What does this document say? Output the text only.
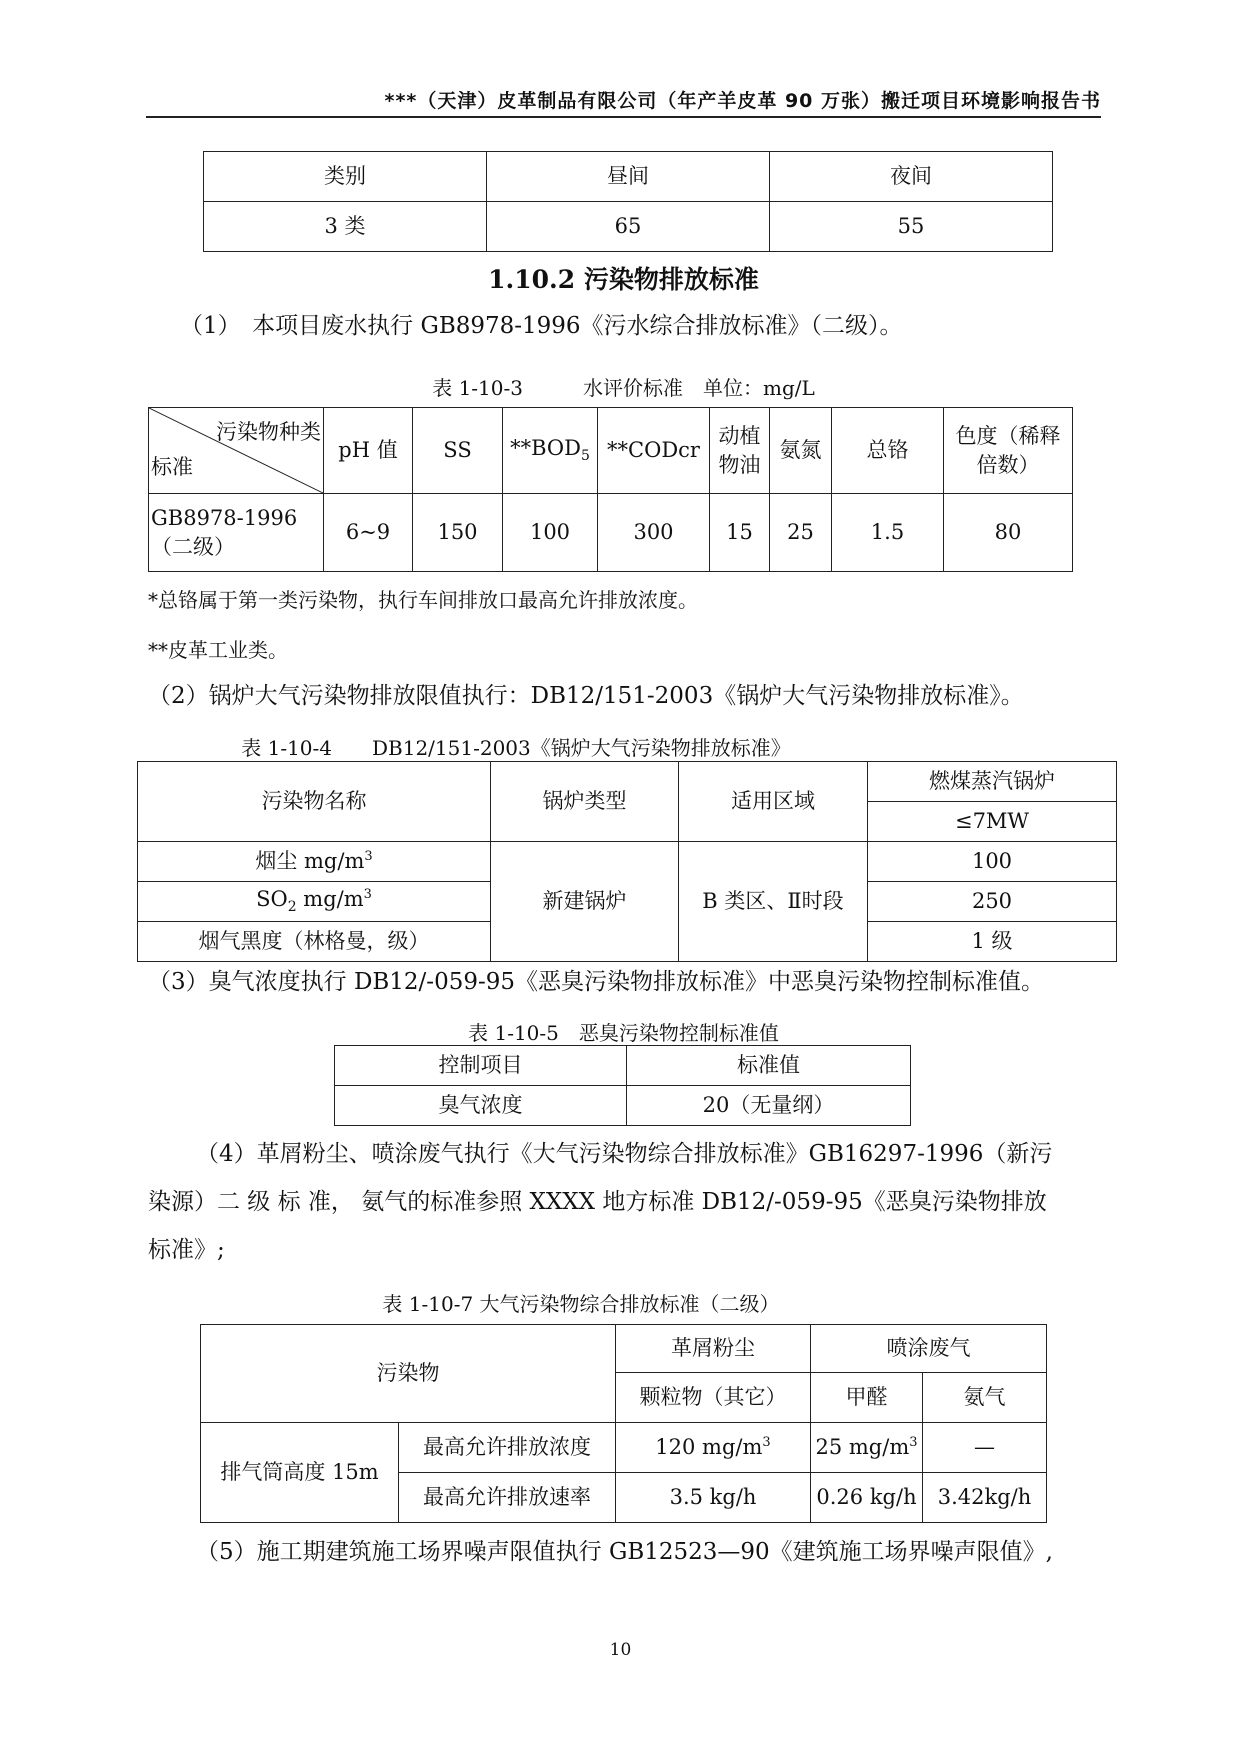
***（天津）皮革制品有限公司（年产羊皮革 90 万张）搬迁项目环境影响报告书
类别	昼间	夜间
3 类	65	55
1.10.2 污染物排放标准
（1）　本项目废水执行 GB8978-1996《污水综合排放标准》（二级）。
表 1-10-3　　　水评价标准　单位：mg/L
污染物种类
标准	pH 值	SS	$**BOD_5$	**CODcr	动植物油	氨氮	总铬	色度（稀释倍数）
GB8978-1996（二级）	6~9	150	100	300	15	25	1.5	80
*总铬属于第一类污染物，执行车间排放口最高允许排放浓度。
**皮革工业类。
（2）锅炉大气污染物排放限值执行：DB12/151-2003《锅炉大气污染物排放标准》。
表 1-10-4　　DB12/151-2003《锅炉大气污染物排放标准》
污染物名称	锅炉类型	适用区域	燃煤蒸汽锅炉
			≤7MW
烟尘 $mg/m^3$	新建锅炉	B 类区、Ⅱ时段	100
$SO_2$ $mg/m^3$			250
烟气黑度（林格曼，级）			1 级
（3）臭气浓度执行 DB12/-059-95《恶臭污染物排放标准》中恶臭污染物控制标准值。
表 1-10-5　恶臭污染物控制标准值
控制项目	标准值
臭气浓度	20（无量纲）
（4）革屑粉尘、喷涂废气执行《大气污染物综合排放标准》GB16297-1996（新污
染源）二 级 标 准， 氨气的标准参照 XXXX 地方标准 DB12/-059-95《恶臭污染物排放
标准》;
表 1-10-7 大气污染物综合排放标准（二级）
污染物		革屑粉尘	喷涂废气	
		颗粒物（其它）	甲醛	氨气
排气筒高度 15m	最高允许排放浓度	120 $mg/m^3$	25 $mg/m^3$	—
	最高允许排放速率	3.5 kg/h	0.26 kg/h	3.42kg/h
（5）施工期建筑施工场界噪声限值执行 GB12523—90《建筑施工场界噪声限值》,
10
